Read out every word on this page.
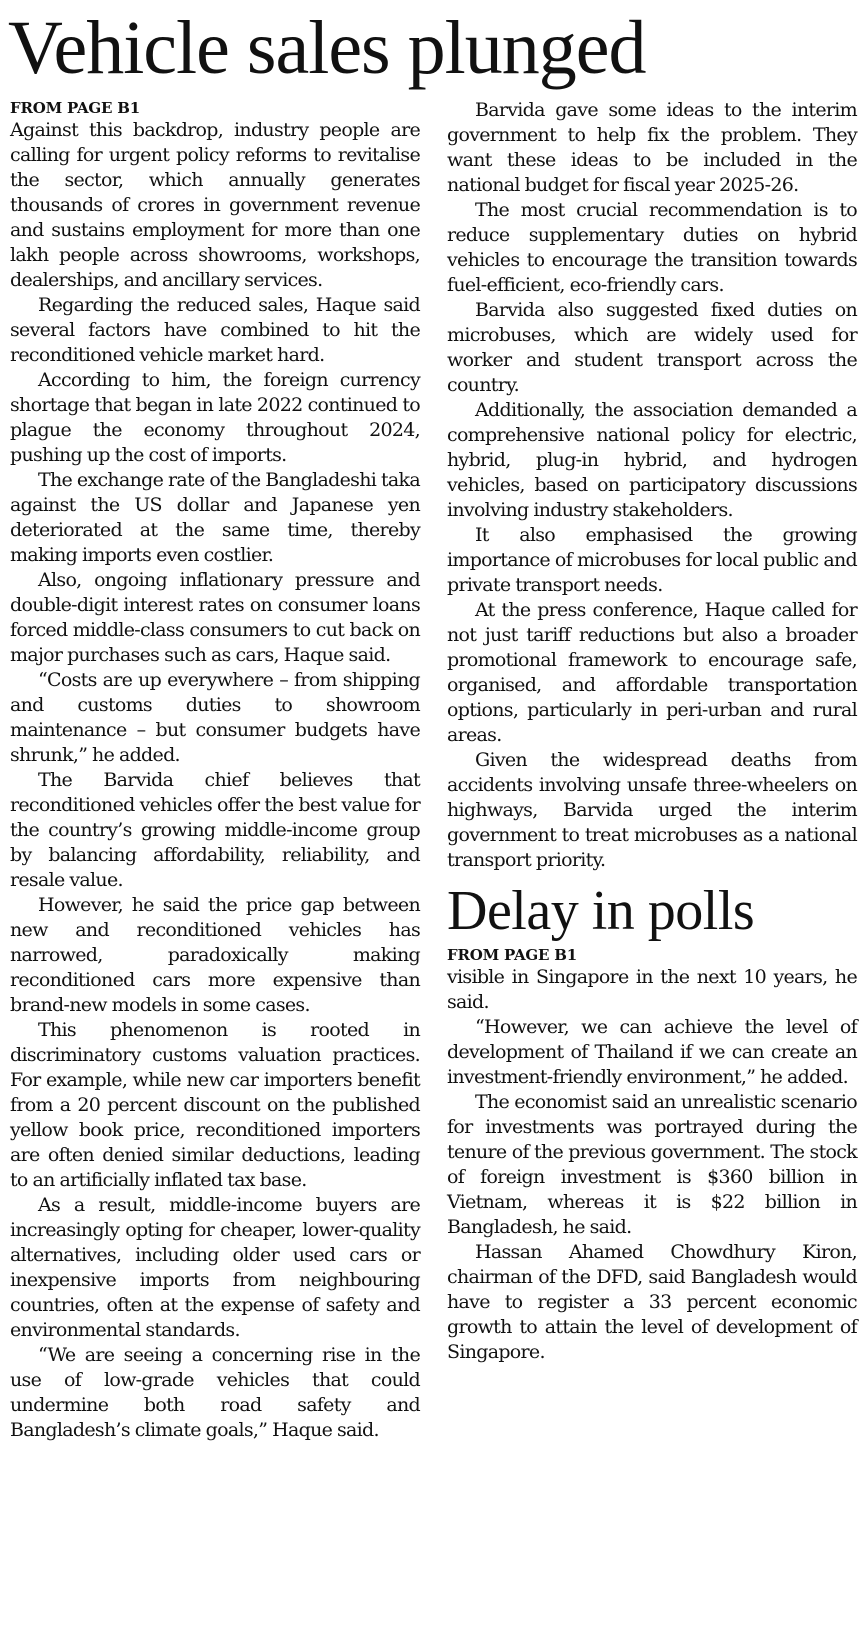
Vehicle sales plunged
FROM PAGE B1

Against this backdrop, industry people are calling for urgent policy reforms to revitalise the sector, which annually generates thousands of crores in government revenue and sustains employment for more than one lakh people across showrooms, workshops, dealerships, and ancillary services.

Regarding the reduced sales, Haque said several factors have combined to hit the reconditioned vehicle market hard.

According to him, the foreign currency shortage that began in late 2022 continued to plague the economy throughout 2024, pushing up the cost of imports.

The exchange rate of the Bangladeshi taka against the US dollar and Japanese yen deteriorated at the same time, thereby making imports even costlier.

Also, ongoing inflationary pressure and double-digit interest rates on consumer loans forced middle-class consumers to cut back on major purchases such as cars, Haque said.

“Costs are up everywhere – from shipping and customs duties to showroom maintenance – but consumer budgets have shrunk,” he added.

The Barvida chief believes that reconditioned vehicles offer the best value for the country’s growing middle-income group by balancing affordability, reliability, and resale value.

However, he said the price gap between new and reconditioned vehicles has narrowed, paradoxically making reconditioned cars more expensive than brand-new models in some cases.

This phenomenon is rooted in discriminatory customs valuation practices. For example, while new car importers benefit from a 20 percent discount on the published yellow book price, reconditioned importers are often denied similar deductions, leading to an artificially inflated tax base.

As a result, middle-income buyers are increasingly opting for cheaper, lower-quality alternatives, including older used cars or inexpensive imports from neighbouring countries, often at the expense of safety and environmental standards.

“We are seeing a concerning rise in the use of low-grade vehicles that could undermine both road safety and Bangladesh’s climate goals,” Haque said.

Barvida gave some ideas to the interim government to help fix the problem. They want these ideas to be included in the national budget for fiscal year 2025-26.

The most crucial recommendation is to reduce supplementary duties on hybrid vehicles to encourage the transition towards fuel-efficient, eco-friendly cars.

Barvida also suggested fixed duties on microbuses, which are widely used for worker and student transport across the country.

Additionally, the association demanded a comprehensive national policy for electric, hybrid, plug-in hybrid, and hydrogen vehicles, based on participatory discussions involving industry stakeholders.

It also emphasised the growing importance of microbuses for local public and private transport needs.

At the press conference, Haque called for not just tariff reductions but also a broader promotional framework to encourage safe, organised, and affordable transportation options, particularly in peri-urban and rural areas.

Given the widespread deaths from accidents involving unsafe three-wheelers on highways, Barvida urged the interim government to treat microbuses as a national transport priority.

Delay in polls
FROM PAGE B1

visible in Singapore in the next 10 years, he said.

“However, we can achieve the level of development of Thailand if we can create an investment-friendly environment,” he added.

The economist said an unrealistic scenario for investments was portrayed during the tenure of the previous government. The stock of foreign investment is $360 billion in Vietnam, whereas it is $22 billion in Bangladesh, he said.

Hassan Ahamed Chowdhury Kiron, chairman of the DFD, said Bangladesh would have to register a 33 percent economic growth to attain the level of development of Singapore.
